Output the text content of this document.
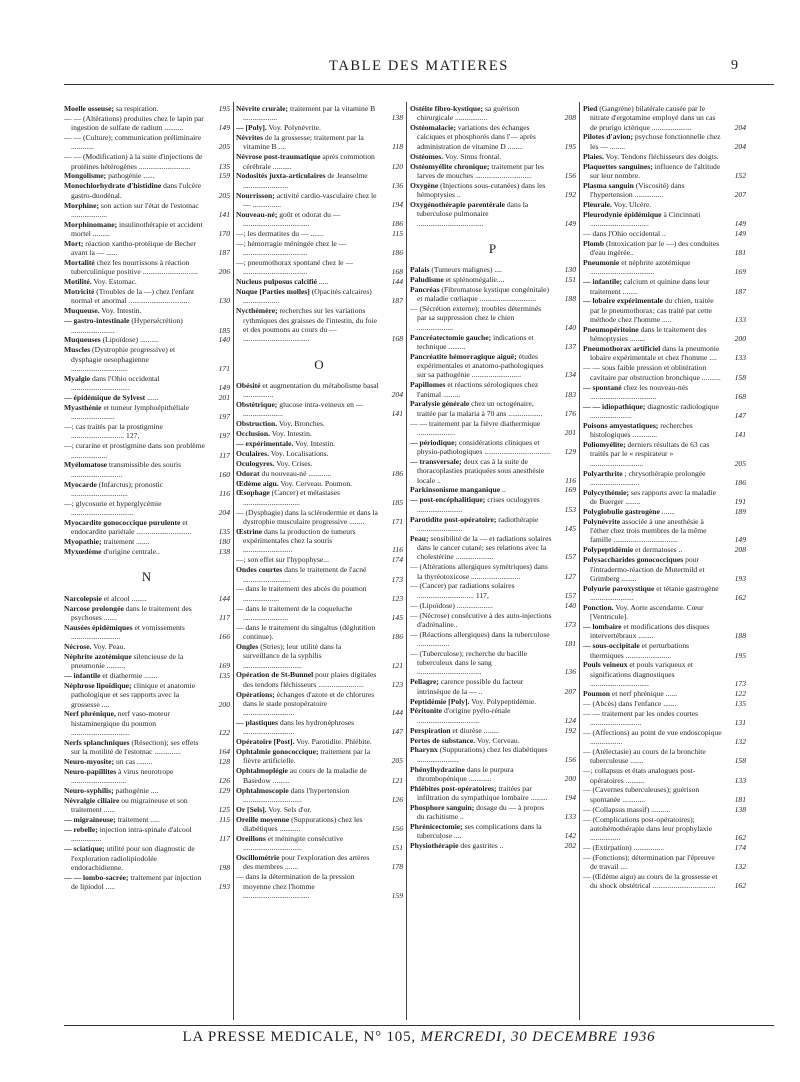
TABLE DES MATIERES	9
Moelle osseuse; sa respiration.	195
— — (Altérations) produites chez le lapin par ingestion de sulfate de radium ..........	149
— — (Culture); communication préliminaire ............	205
— — (Modification) à la suite d'injections de protéines hétérogènes ...........................	135
Mongolisme; pathogénie ......	159
Monochlorhydrate d'histidine dans l'ulcère gastro-duodénal.	205
Morphine; son action sur l'état de l'estomac ...................	141
Morphinomane; insulinothérapie et accident mortel .........	170
Mort; réaction xantho-protéique de Becher avant la — ......	187
Mortalité chez les nourrissons à réaction tuberculinique positive .............................	206
Motilité. Voy. Estomac.
Motricité (Troubles de la —) chez l'enfant normal et anormal ................................	130
Muqueuse. Voy. Intestin.
— gastro-intestinale (Hypersécrétion) .......................	185
Muqueuses (Lipoïdose) ..........	140
Muscles (Dystrophie progressive) et dysphagie oesophagienne ..............................	171
Myalgie dans l'Ohio occidental ...............................	149
— épidémique de Sylvest ......	201
Myasthénie et tumeur lymphoépithéliale .......................	197
—; cas traités par la prostigmine ............................ 127,	197
—; curarine et prostigmine dans son problème ...................	117
Myélomatose transmissible des souris ...........................	160
Myocarde (Infarctus); pronostic ..............................	116
—; glycosurie et hyperglycémie .................................	204
Myocardite gonococcique purulente et endocardite pariétale .............................	135
Myopathie; traitement .......	180
Myxœdème d'origine centrale..	138
N
Narcolepsie et alcool ........	144
Narcose prolongée dans le traitement des psychoses .......	117
Nausées épidémiques et vomissements ..........................	166
Nécrose. Voy. Peau.
Néphrite azotémique silencieuse de la pneumonie ..........	169
— infantile et diathermie .......	135
Néphrose lipoïdique; clinique et anatomie pathologique et ses rapports avec la grossesse ....	200
Nerf phrénique, nerf vaso-moteur histaminergique du poumon ...............................	122
Nerfs splanchniques (Résection); ses effets sur la motilité de l'estomac ..............	164
Neuro-myosite; un cas ........	128
Neuro-papillites à virus neurotrope .............................	126
Neuro-syphilis; pathogénie ....	129
Névralgie ciliaire ou migraineuse et son traitement ......	125
— migraineuse; traitement .....	115
— rebelle; injection intra-spinale d'alcool ................	117
— sciatique; utilité pour son diagnostic de l'exploration radiolipiodolée endorachidienne.	198
— — lombo-sacrée; traitement par injection de lipiodol .....	193
Névrite crurale; traitement par la vitamine B ..................	138
— [Poly]. Voy. Polynévrite.
Névrites de la grossesse; traitement par la vitamine B ....	118
Névrose post-traumatique après commotion cérébrale ..........	120
Nodosités juxta-articulaires de Jeanselme ........................	136
Nourrisson; activité cardio-vasculaire chez le — ...............	194
Nouveau-né; goût et odorat du — ...................................	186
—; les dermatites du — .......	115
—; hémorragie méningée chez le — ..................................	186
—; pneumothorax spontané chez le — ..................................	168
Nucleus pulposus calcifié .....	144
Nuque [Parties molles] (Opacités calcaires) ...................	187
Nycthémère; recherches sur les variations rythmiques des graisses de l'intestin, du foie et des poumons au cours du — ...................................	168
O
Obésité et augmentation du métabolisme basal ................	204
Obstétrique; glucose intra-veineux en — .....................	141
Obstruction. Voy. Bronches.
Occlusion. Voy. Intestin.
— expérimentale. Voy. Intestin.
Oculaires. Voy. Localisations.
Oculogyres. Voy. Crises.
Odorat du nouveau-né ............	186
Œdème aigu. Voy. Cerveau. Poumon.
Œsophage (Cancer) et métastases ..............................	185
— (Dysphagie) dans la sclérodermie et dans la dystrophie musculaire progressive ........	171
Œstrine dans la production de tumeurs expérimentales chez la souris ..........................	116
—; son effet sur l'hypophyse...	174
Ondes courtes dans le traitement de l'acné .........................	173
— dans le traitement des abcès du poumon ...................	123
— dans le traitement de la coqueluche ........................	145
— dans le traitement du singaltus (déglutition continue).	186
Ongles (Stries); leur utilité dans la surveillance de la syphilis ...............................	121
Opération de St-Bunnel pour plaies digitales des tendons fléchisseurs ........................	123
Opérations; échanges d'azote et de chlorures dans le stade postopératoire ...........................	144
— plastiques dans les hydronéphroses ...........................	147
Opératoire [Post]. Voy. Parotidite. Phlébite.
Ophtalmie gonococcique; traitement par la fièvre artificielle.	205
Ophtalmoplégie au cours de la maladie de Basedow .........	121
Ophtalmoscopie dans l'hypertension ...............................	126
Or [Sels]. Voy. Sels d'or.
Oreille moyenne (Suppurations) chez les diabétiques ...........	156
Oreillons et méningite consécutive ...............................	151
Oscillométrie pour l'exploration des artères des membres .......	178
— dans la détermination de la pression moyenne chez l'homme ...................................	159
Ostéite fibro-kystique; sa guérison chirurgicale .................	208
Ostéomalacie; variations des échanges calciques et phosphorés dans l'— après administration de vitamine D ........	195
Ostéomes. Voy. Sinus frontal.
Ostéomyélite chronique; traitement par les larves de mouches ..............................	156
Oxygène (Injections sous-cutanées) dans les hémoptysies ..	192
Oxygénothérapie parentérale dans la tuberculose pulmonaire ...................................	149
P
Palais (Tumeurs malignes) ....	130
Paludisme et splénomégalie....	151
Pancréas (Fibromatose kystique congénitale) et maladie cœliaque ..............................	188
— (Sécrétion externe); troubles déterminés par sa suppression chez le chien ...................	140
Pancréatectomie gauche; indications et technique .........	137
Pancréatite hémorragique aiguë; études expérimentales et anatomo-pathologiques sur sa pathogénie ..........................	134
Papillomes et réactions sérologiques chez l'animal .........	183
Paralysie générale chez un octogénaire, traitée par la malaria à 70 ans ..................	176
— — traitement par la fièvre diathermique ....................	201
— périodique; considérations cliniques et physio-pathologiques ................................... 129
— transversale; deux cas à la suite de thoracoplasties pratiquées sous anesthésie locale ..	116
Parkinsonisme manganique ..	169
— post-encéphalitique; crises oculogyres ........................	153
Parotidite post-opératoire; radiothérapie ........................	145
Peau; sensibilité de la — et radiations solaires dans le cancer cutané; ses relations avec la cholestérine ....................	157
— (Altérations allergiques symétriques) dans la thyréotoxicose ..........................	127
— (Cancer) par radiations solaires .............................. 117,	157
— (Lipoïdose) ...................	140
— (Nécrose) consécutive à des auto-injections d'adrénaline..	173
— (Réactions allergiques) dans la tuberculose .................	181
— (Tuberculose); recherche du bacille tuberculeux dans le sang ..................................	136
Pellagre; carence possible du facteur intrinsèque de la — ..	207
Peptidémie [Poly]. Voy. Polypeptidémie.
Péritonite d'origine pyélo-rénale .................................	124
Perspiration et diurèse ........	192
Pertes de substance. Voy. Cerveau.
Pharynx (Suppurations) chez les diabétiques ......................	156
Phénylhydrazine dans le purpura thrombopénique ............	200
Phlébites post-opératoires; traitées par infiltration du sympathique lombaire ......... 194
Phosphore sanguin; dosage du — à propos du rachitisme ..	133
Phrénicectomie; ses complications dans la tuberculose ....	142
Physiothérapie des gastrites ..	202
Pied (Gangrène) bilatérale causée par le nitrate d'ergotamine employé dans un cas de prurigo ictérique .....................	204
Pilotes d'avion; psychose fonctionnelle chez les — ........	204
Plaies. Voy. Tendons fléchisseurs des doigts.
Plaquettes sanguines; influence de l'altitude sur leur nombre.	152
Plasma sanguin (Viscosité) dans l'hypertension ...............	207
Pleurale. Voy. Ulcère.
Pleurodynie épidémique à Cincinnati ...............................	149
— dans l'Ohio occidental ..	149
Plomb (Intoxication par le —) des conduites d'eau ingérée..	181
Pneumonie et néphrite azotémique ..................................	169
— infantile; calcium et quinine dans leur traitement ........	187
— lobaire expérimentale du chien, traitée par le pneumothorax; cas traité par cette méthode chez l'homme .....	133
Pneumopéritoine dans le traitement des hémoptysies ........	200
Pneumothorax artificiel dans la pneumonie lobaire expérimentale et chez l'homme .... 133
— — sous faible pression et oblitération cavitaire par obstruction bronchique .......... 158
— spontané chez les nouveau-nés ...................................	168
— — idiopathique; diagnostic radiologique ......................	147
Poisons amyostatiques; recherches histologiques .............	141
Poliomyélite; derniers résultats de 63 cas traités par le « respirateur » ............................	205
Polyarthrite ; chrysothérapie prolongée ..........................	186
Polycythémie; ses rapports avec la maladie de Buerger ........	191
Polyglobulie gastrogène .......	189
Polynévrite associée à une anesthésie à l'éther chez trois membres de la même famille ..................................	149
Polypeptidémie et dermatoses ..	208
Polysaccharides gonococciques pour l'intradermo-réaction de Mutermild et Grimberg ........	193
Polyurie paroxystique et tétanie gastrogène .......................	162
Ponction. Voy. Aorte ascendante. Cœur [Ventricule].
— lombaire et modifications des disques intervertébraux ........	188
— sous-occipitale et perturbations thermiques ........................	195
Pouls veineux et pouls variqueux et significations diagnostiques ...............................	173
Poumon et nerf phrénique ......	122
— (Abcès) dans l'enfance .......	135
— — traitement par les ondes courtes ...........................	131
— (Affections) au point de vue endoscopique .................	132
— (Atélectasie) au cours de la bronchite tuberculeuse .......	158
—; collapsus et états analogues post-opératoires ..........	133
— (Cavernes tuberculeuses); guérison spontanée ............	181
— (Collapsus massif) ..........	138
— (Complications post-opératoires); autohémothérapie dans leur prophylaxie ................	162
— (Extirpation) ................	174
— (Fonctions); détermination par l'épreuve de travail ....	132
— (Œdème aigu) au cours de la grossesse et du shock obstétrical .................................	162
LA PRESSE MEDICALE, N° 105, MERCREDI, 30 DECEMBRE 1936
